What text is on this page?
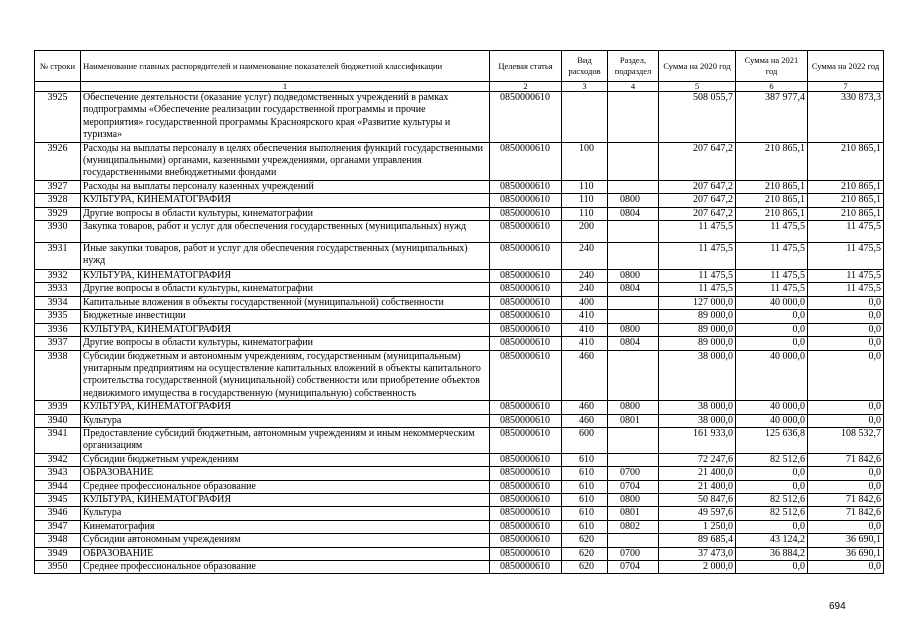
№ строки	Наименование главных распорядителей и наименование показателей бюджетной классификации	Целевая статья	Вид расходов	Раздел, подраздел	Сумма на 2020 год	Сумма на 2021 год	Сумма на 2022 год
	1	2	3	4	5	6	7
3925	Обеспечение деятельности (оказание услуг) подведомственных учреждений в рамках подпрограммы «Обеспечение реализации государственной программы и прочие мероприятия» государственной программы Красноярского края «Развитие культуры и туризма»	0850000610			508 055,7	387 977,4	330 873,3
3926	Расходы на выплаты персоналу в целях обеспечения выполнения функций государственными (муниципальными) органами, казенными учреждениями, органами управления государственными внебюджетными фондами	0850000610	100		207 647,2	210 865,1	210 865,1
3927	Расходы на выплаты персоналу казенных учреждений	0850000610	110		207 647,2	210 865,1	210 865,1
3928	КУЛЬТУРА, КИНЕМАТОГРАФИЯ	0850000610	110	0800	207 647,2	210 865,1	210 865,1
3929	Другие вопросы в области культуры, кинематографии	0850000610	110	0804	207 647,2	210 865,1	210 865,1
3930	Закупка товаров, работ и услуг для обеспечения государственных (муниципальных) нужд	0850000610	200		11 475,5	11 475,5	11 475,5
3931	Иные закупки товаров, работ и услуг для обеспечения государственных (муниципальных) нужд	0850000610	240		11 475,5	11 475,5	11 475,5
3932	КУЛЬТУРА, КИНЕМАТОГРАФИЯ	0850000610	240	0800	11 475,5	11 475,5	11 475,5
3933	Другие вопросы в области культуры, кинематографии	0850000610	240	0804	11 475,5	11 475,5	11 475,5
3934	Капитальные вложения в объекты государственной (муниципальной) собственности	0850000610	400		127 000,0	40 000,0	0,0
3935	Бюджетные инвестиции	0850000610	410		89 000,0	0,0	0,0
3936	КУЛЬТУРА, КИНЕМАТОГРАФИЯ	0850000610	410	0800	89 000,0	0,0	0,0
3937	Другие вопросы в области культуры, кинематографии	0850000610	410	0804	89 000,0	0,0	0,0
3938	Субсидии бюджетным и автономным учреждениям, государственным (муниципальным) унитарным предприятиям на осуществление капитальных вложений в объекты капитального строительства государственной (муниципальной) собственности или приобретение объектов недвижимого имущества в государственную (муниципальную) собственность	0850000610	460		38 000,0	40 000,0	0,0
3939	КУЛЬТУРА, КИНЕМАТОГРАФИЯ	0850000610	460	0800	38 000,0	40 000,0	0,0
3940	Культура	0850000610	460	0801	38 000,0	40 000,0	0,0
3941	Предоставление субсидий бюджетным, автономным учреждениям и иным некоммерческим организациям	0850000610	600		161 933,0	125 636,8	108 532,7
3942	Субсидии бюджетным учреждениям	0850000610	610		72 247,6	82 512,6	71 842,6
3943	ОБРАЗОВАНИЕ	0850000610	610	0700	21 400,0	0,0	0,0
3944	Среднее профессиональное образование	0850000610	610	0704	21 400,0	0,0	0,0
3945	КУЛЬТУРА, КИНЕМАТОГРАФИЯ	0850000610	610	0800	50 847,6	82 512,6	71 842,6
3946	Культура	0850000610	610	0801	49 597,6	82 512,6	71 842,6
3947	Кинематография	0850000610	610	0802	1 250,0	0,0	0,0
3948	Субсидии автономным учреждениям	0850000610	620		89 685,4	43 124,2	36 690,1
3949	ОБРАЗОВАНИЕ	0850000610	620	0700	37 473,0	36 884,2	36 690,1
3950	Среднее профессиональное образование	0850000610	620	0704	2 000,0	0,0	0,0
694
